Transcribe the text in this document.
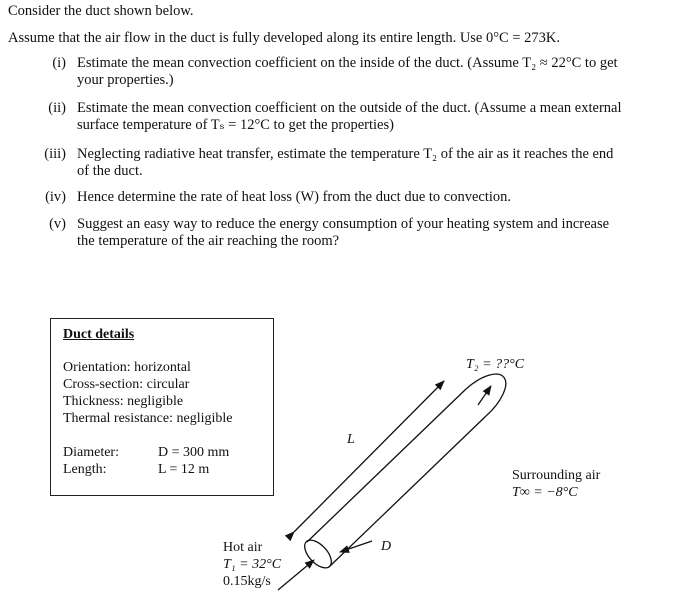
Consider the duct shown below.
Assume that the air flow in the duct is fully developed along its entire length. Use 0°C = 273K.
(i) Estimate the mean convection coefficient on the inside of the duct. (Assume T₂ ≈ 22°C to get
your properties.)
(ii) Estimate the mean convection coefficient on the outside of the duct. (Assume a mean external
surface temperature of Tₛ = 12°C to get the properties)
(iii) Neglecting radiative heat transfer, estimate the temperature T₂ of the air as it reaches the end
of the duct.
(iv) Hence determine the rate of heat loss (W) from the duct due to convection.
(v) Suggest an easy way to reduce the energy consumption of your heating system and increase
the temperature of the air reaching the room?
Duct details
Orientation: horizontal
Cross-section: circular
Thickness: negligible
Thermal resistance: negligible
Diameter:	D = 300 mm
Length:	L = 12 m
T₂ = ??°C
L
D
Surrounding air
T∞ = −8°C
Hot air
T₁ = 32°C
0.15kg/s
